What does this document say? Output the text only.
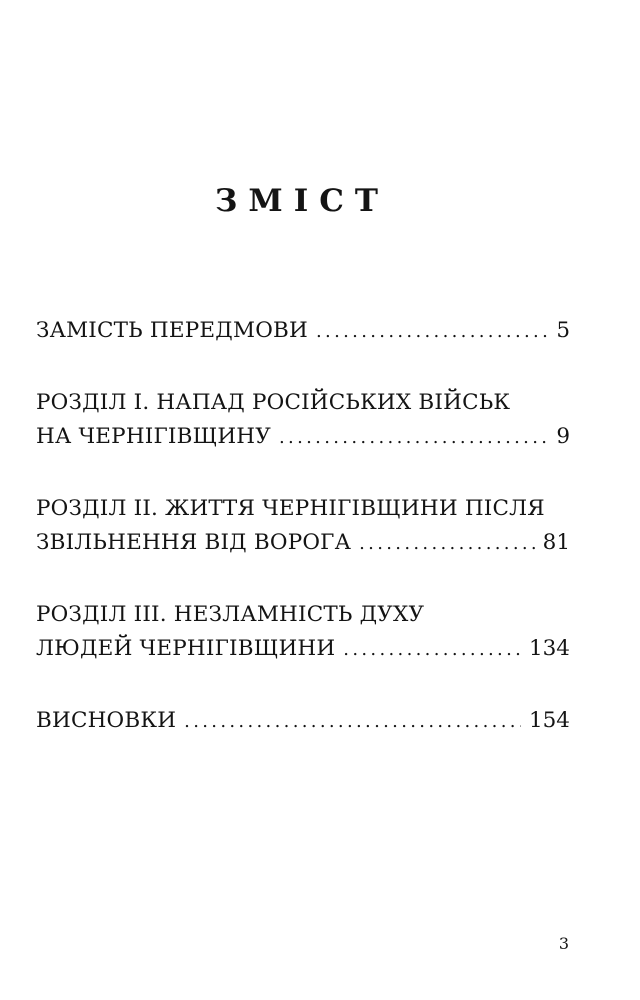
ЗМІСТ
ЗАМІСТЬ ПЕРЕДМОВИ . . .	5
РОЗДІЛ І. НАПАД РОСІЙСЬКИХ ВІЙСЬК
НА ЧЕРНІГІВЩИНУ . . .	9
РОЗДІЛ ІІ. ЖИТТЯ ЧЕРНІГІВЩИНИ ПІСЛЯ
ЗВІЛЬНЕННЯ ВІД ВОРОГА . . .	81
РОЗДІЛ ІІІ. НЕЗЛАМНІСТЬ ДУХУ
ЛЮДЕЙ ЧЕРНІГІВЩИНИ . . .	134
ВИСНОВКИ . . .	154
3
